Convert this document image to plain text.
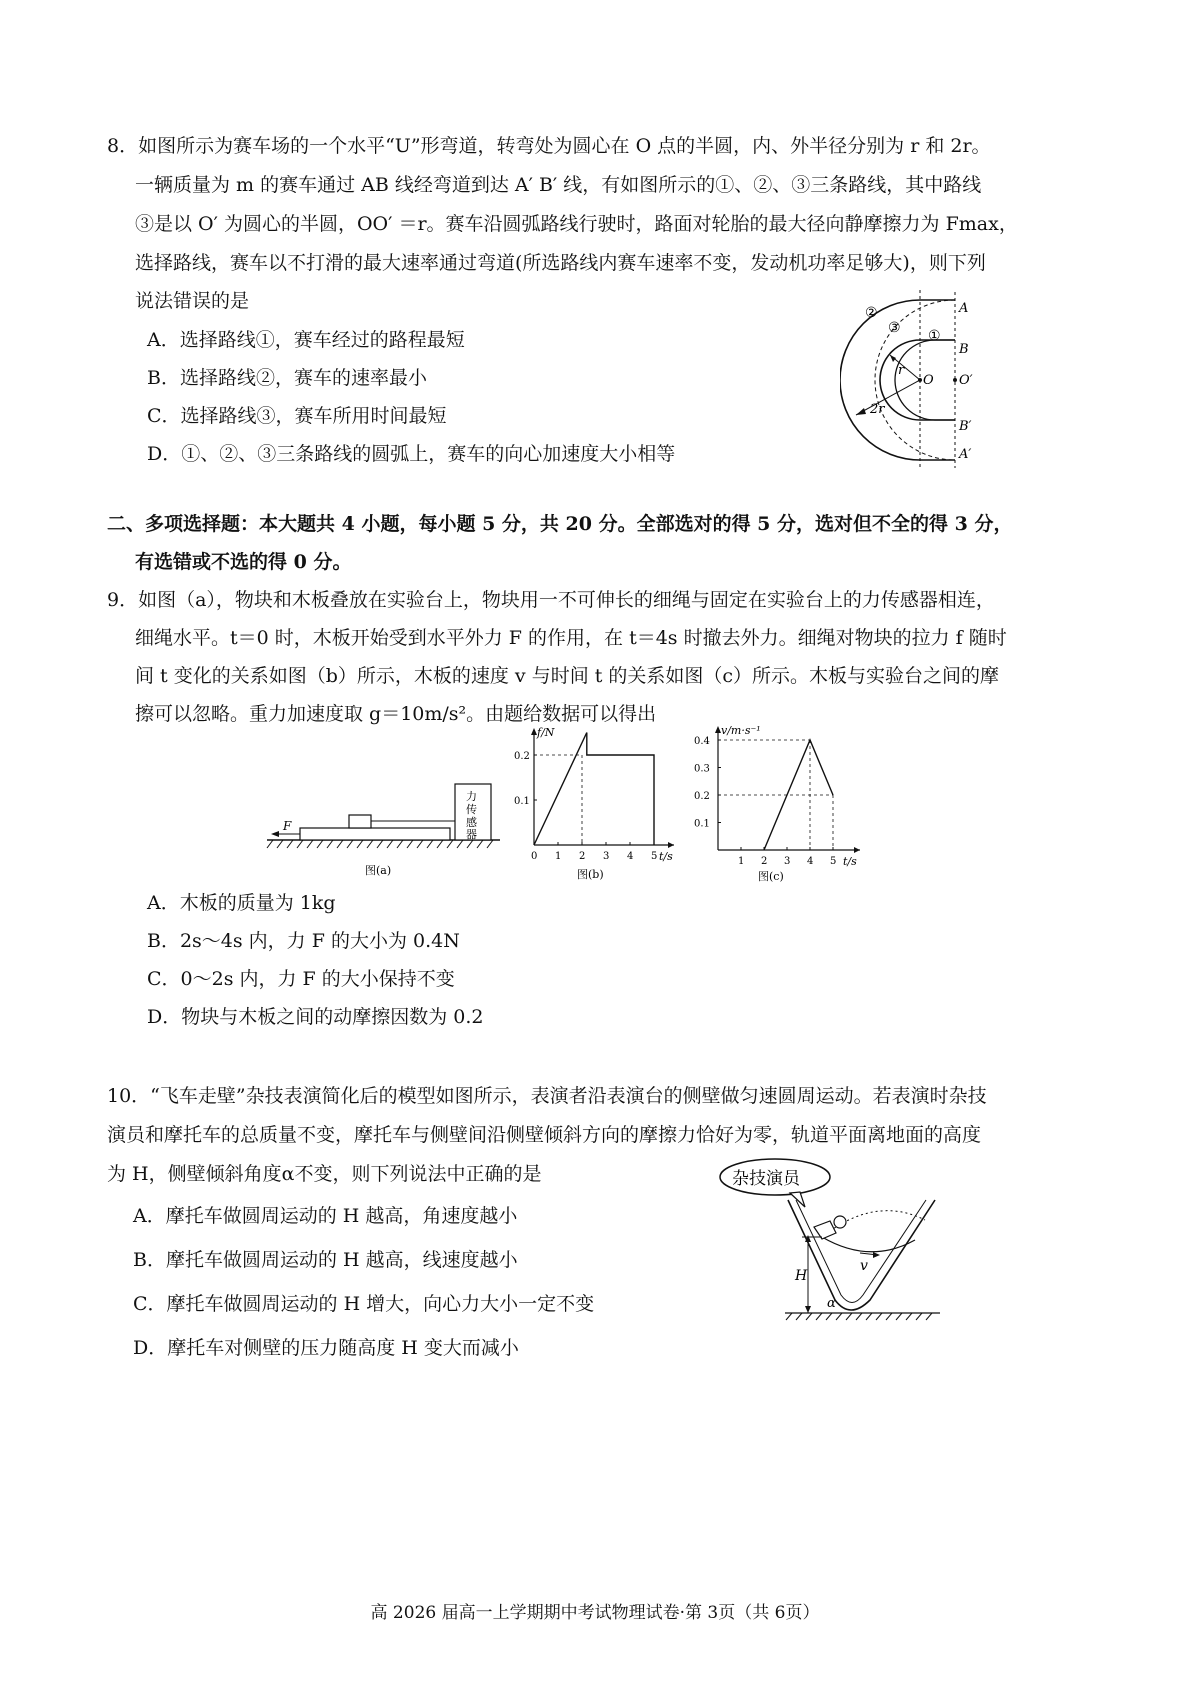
8．如图所示为赛车场的一个水平“U”形弯道，转弯处为圆心在 O 点的半圆，内、外半径分别为 r 和 2r。
一辆质量为 m 的赛车通过 AB 线经弯道到达 A′ B′ 线，有如图所示的①、②、③三条路线，其中路线
③是以 O′ 为圆心的半圆，OO′ ＝r。赛车沿圆弧路线行驶时，路面对轮胎的最大径向静摩擦力为 Fmax，
选择路线，赛车以不打滑的最大速率通过弯道(所选路线内赛车速率不变，发动机功率足够大)，则下列
说法错误的是
A．选择路线①，赛车经过的路程最短
B．选择路线②，赛车的速率最小
C．选择路线③，赛车所用时间最短
D．①、②、③三条路线的圆弧上，赛车的向心加速度大小相等
②
③ ①
A
B
O O′
B′
A′
r
2r
二、多项选择题：本大题共 4 小题，每小题 5 分，共 20 分。全部选对的得 5 分，选对但不全的得 3 分，
有选错或不选的得 0 分。
9．如图（a），物块和木板叠放在实验台上，物块用一不可伸长的细绳与固定在实验台上的力传感器相连，
细绳水平。t＝0 时，木板开始受到水平外力 F 的作用，在 t＝4s 时撤去外力。细绳对物块的拉力 f 随时
间 t 变化的关系如图（b）所示，木板的速度 v 与时间 t 的关系如图（c）所示。木板与实验台之间的摩
擦可以忽略。重力加速度取 g＝10m/s²。由题给数据可以得出
F
力
传
感
器
图(a)
f/N
t/s
0 1 2 3 4 5
0.1
0.2
图(b)
v/m·s⁻¹
t/s
1 2 3 4 5
0.1
0.2
0.3
0.4
图(c)
A．木板的质量为 1kg
B．2s～4s 内，力 F 的大小为 0.4N
C．0～2s 内，力 F 的大小保持不变
D．物块与木板之间的动摩擦因数为 0.2
10．“飞车走壁”杂技表演简化后的模型如图所示，表演者沿表演台的侧壁做匀速圆周运动。若表演时杂技
演员和摩托车的总质量不变，摩托车与侧壁间沿侧壁倾斜方向的摩擦力恰好为零，轨道平面离地面的高度
为 H，侧壁倾斜角度α不变，则下列说法中正确的是
A．摩托车做圆周运动的 H 越高，角速度越小
B．摩托车做圆周运动的 H 越高，线速度越小
C．摩托车做圆周运动的 H 增大，向心力大小一定不变
D．摩托车对侧壁的压力随高度 H 变大而减小
杂技演员
H
v
α
高 2026 届高一上学期期中考试物理试卷·第 3页（共 6页）
